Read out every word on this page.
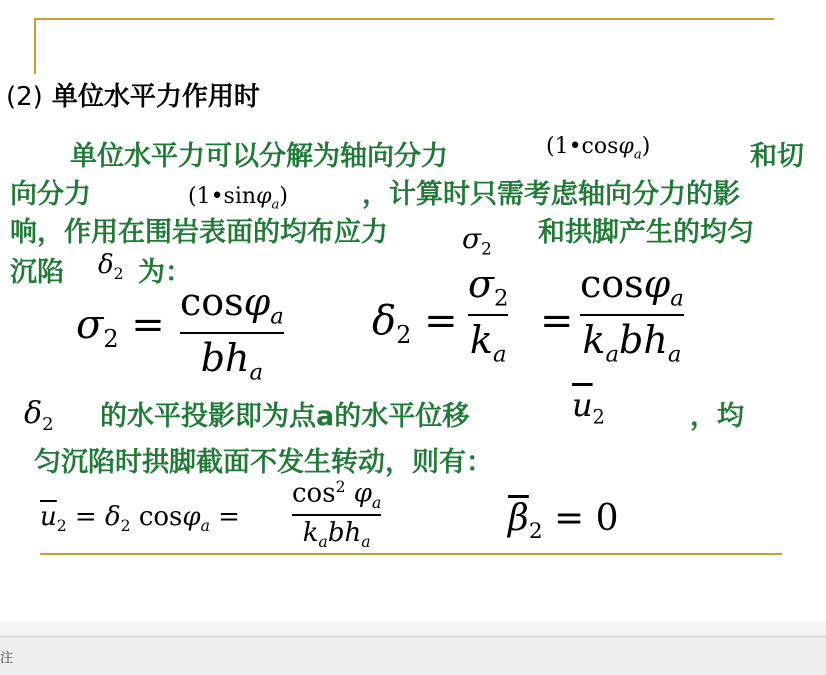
(2) 单位水平力作用时
单位水平力可以分解为轴向分力	(1•cosφ$_a$)	和切
向分力	(1•sinφ$_a$)	，计算时只需考虑轴向分力的影
响，作用在围岩表面的均布应力	$\sigma_2$
和拱脚产生的均匀
沉陷 $\delta_2$ 为：
$\sigma_2 = \cos\varphi_a$
$bh_a$
$\delta_2$ =
$\sigma_2$
$k_a$
=
cosφ$_a$
$k_abh_a$
$\delta_2$ 的水平投影即为点a的水平位移	$\overline{u}_2$	，均
匀沉陷时拱脚截面不发生转动，则有：
$\overline{u}_2 = \delta_2$ cosφ$_a$ =
$\cos^2 \varphi_a$
$k_abh_a$
$\overline{\beta}_2 = 0$
注
